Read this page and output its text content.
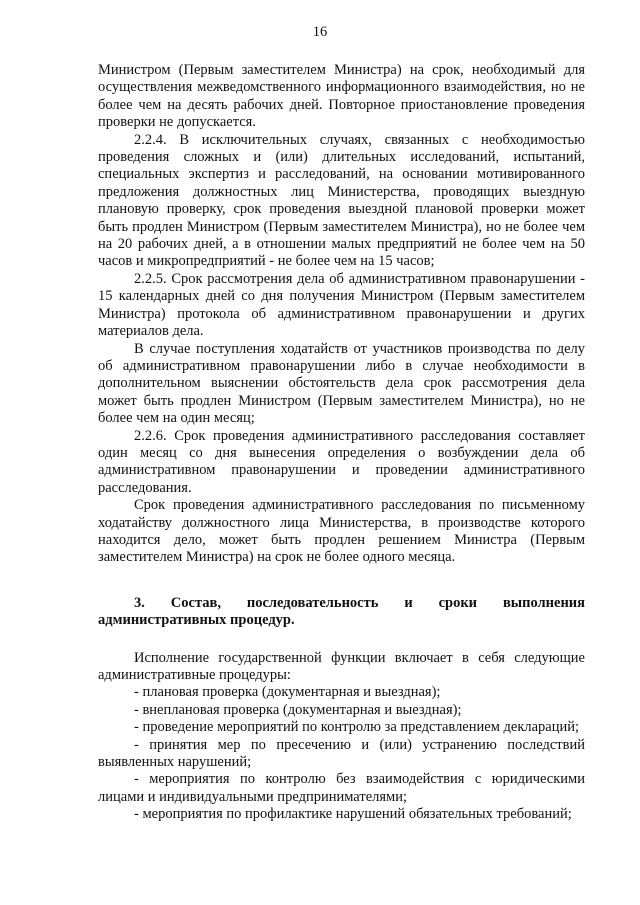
16

Министром (Первым заместителем Министра) на срок, необходимый для осуществления межведомственного информационного взаимодействия, но не более чем на десять рабочих дней. Повторное приостановление проведения проверки не допускается.

2.2.4. В исключительных случаях, связанных с необходимостью проведения сложных и (или) длительных исследований, испытаний, специальных экспертиз и расследований, на основании мотивированного предложения должностных лиц Министерства, проводящих выездную плановую проверку, срок проведения выездной плановой проверки может быть продлен Министром (Первым заместителем Министра), но не более чем на 20 рабочих дней, а в отношении малых предприятий не более чем на 50 часов и микропредприятий - не более чем на 15 часов;

2.2.5. Срок рассмотрения дела об административном правонарушении - 15 календарных дней со дня получения Министром (Первым заместителем Министра) протокола об административном правонарушении и других материалов дела.

В случае поступления ходатайств от участников производства по делу об административном правонарушении либо в случае необходимости в дополнительном выяснении обстоятельств дела срок рассмотрения дела может быть продлен Министром (Первым заместителем Министра), но не более чем на один месяц;

2.2.6. Срок проведения административного расследования составляет один месяц со дня вынесения определения о возбуждении дела об административном правонарушении и проведении административного расследования.

Срок проведения административного расследования по письменному ходатайству должностного лица Министерства, в производстве которого находится дело, может быть продлен решением Министра (Первым заместителем Министра) на срок не более одного месяца.

3. Состав, последовательность и сроки выполнения административных процедур.

Исполнение государственной функции включает в себя следующие административные процедуры:

- плановая проверка (документарная и выездная);

- внеплановая проверка (документарная и выездная);

- проведение мероприятий по контролю за представлением деклараций;

- принятия мер по пресечению и (или) устранению последствий выявленных нарушений;

- мероприятия по контролю без взаимодействия с юридическими лицами и индивидуальными предпринимателями;

- мероприятия по профилактике нарушений обязательных требований;
